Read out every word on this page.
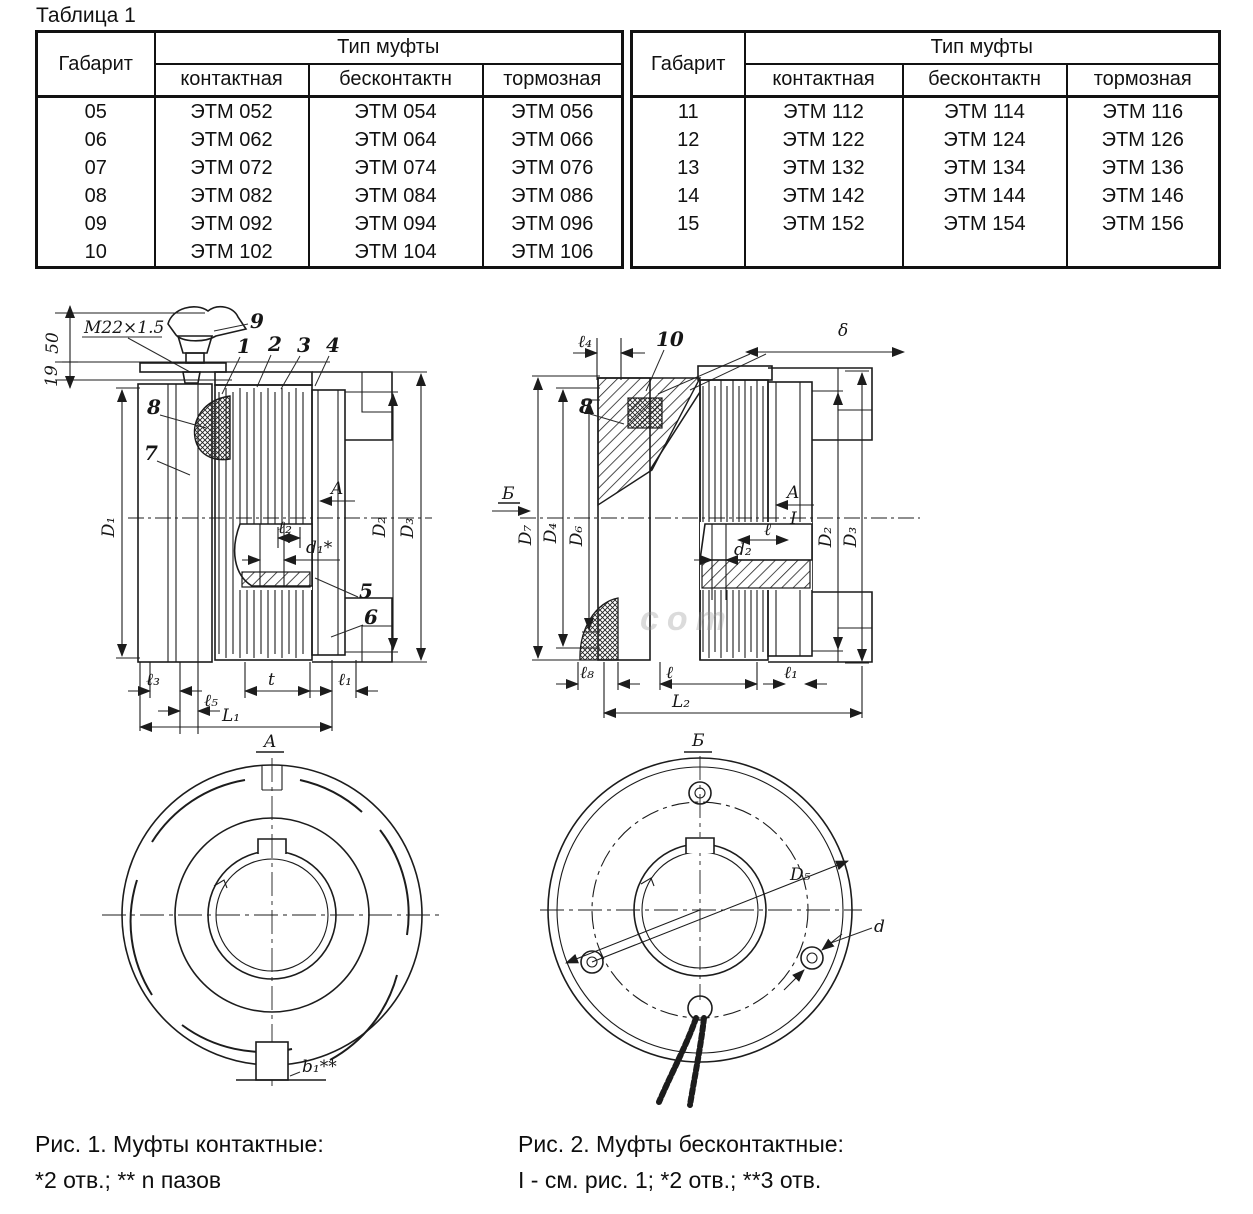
Таблица 1
Габарит	Тип муфты		
	контактная	бесконтактн	тормозная
05	ЭТМ 052	ЭТМ 054	ЭТМ 056
06	ЭТМ 062	ЭТМ 064	ЭТМ 066
07	ЭТМ 072	ЭТМ 074	ЭТМ 076
08	ЭТМ 082	ЭТМ 084	ЭТМ 086
09	ЭТМ 092	ЭТМ 094	ЭТМ 096
10	ЭТМ 102	ЭТМ 104	ЭТМ 106
Габарит	Тип муфты		
	контактная	бесконтактн	тормозная
11	ЭТМ 112	ЭТМ 114	ЭТМ 116
12	ЭТМ 122	ЭТМ 124	ЭТМ 126
13	ЭТМ 132	ЭТМ 134	ЭТМ 136
14	ЭТМ 142	ЭТМ 144	ЭТМ 146
15	ЭТМ 152	ЭТМ 154	ЭТМ 156

50
19
М22×1.5	9
1 2 3 4
8
7
A
ℓ₂
d₁*
5
6
D₁	D₂ D₃
ℓ₃	t	ℓ₁
ℓ₅
L₁
A
b₁**
ℓ₄	10	δ
8
Б
D₇ D₄ D₆
A
I
ℓ
d₂
D₂ D₃
ℓ₈	ℓ	ℓ₁
L₂
com
Б
D₅
d
Рис. 1. Муфты контактные:
*2 отв.; ** n пазов
Рис. 2. Муфты бесконтактные:
I - см. рис. 1; *2 отв.; **3 отв.
